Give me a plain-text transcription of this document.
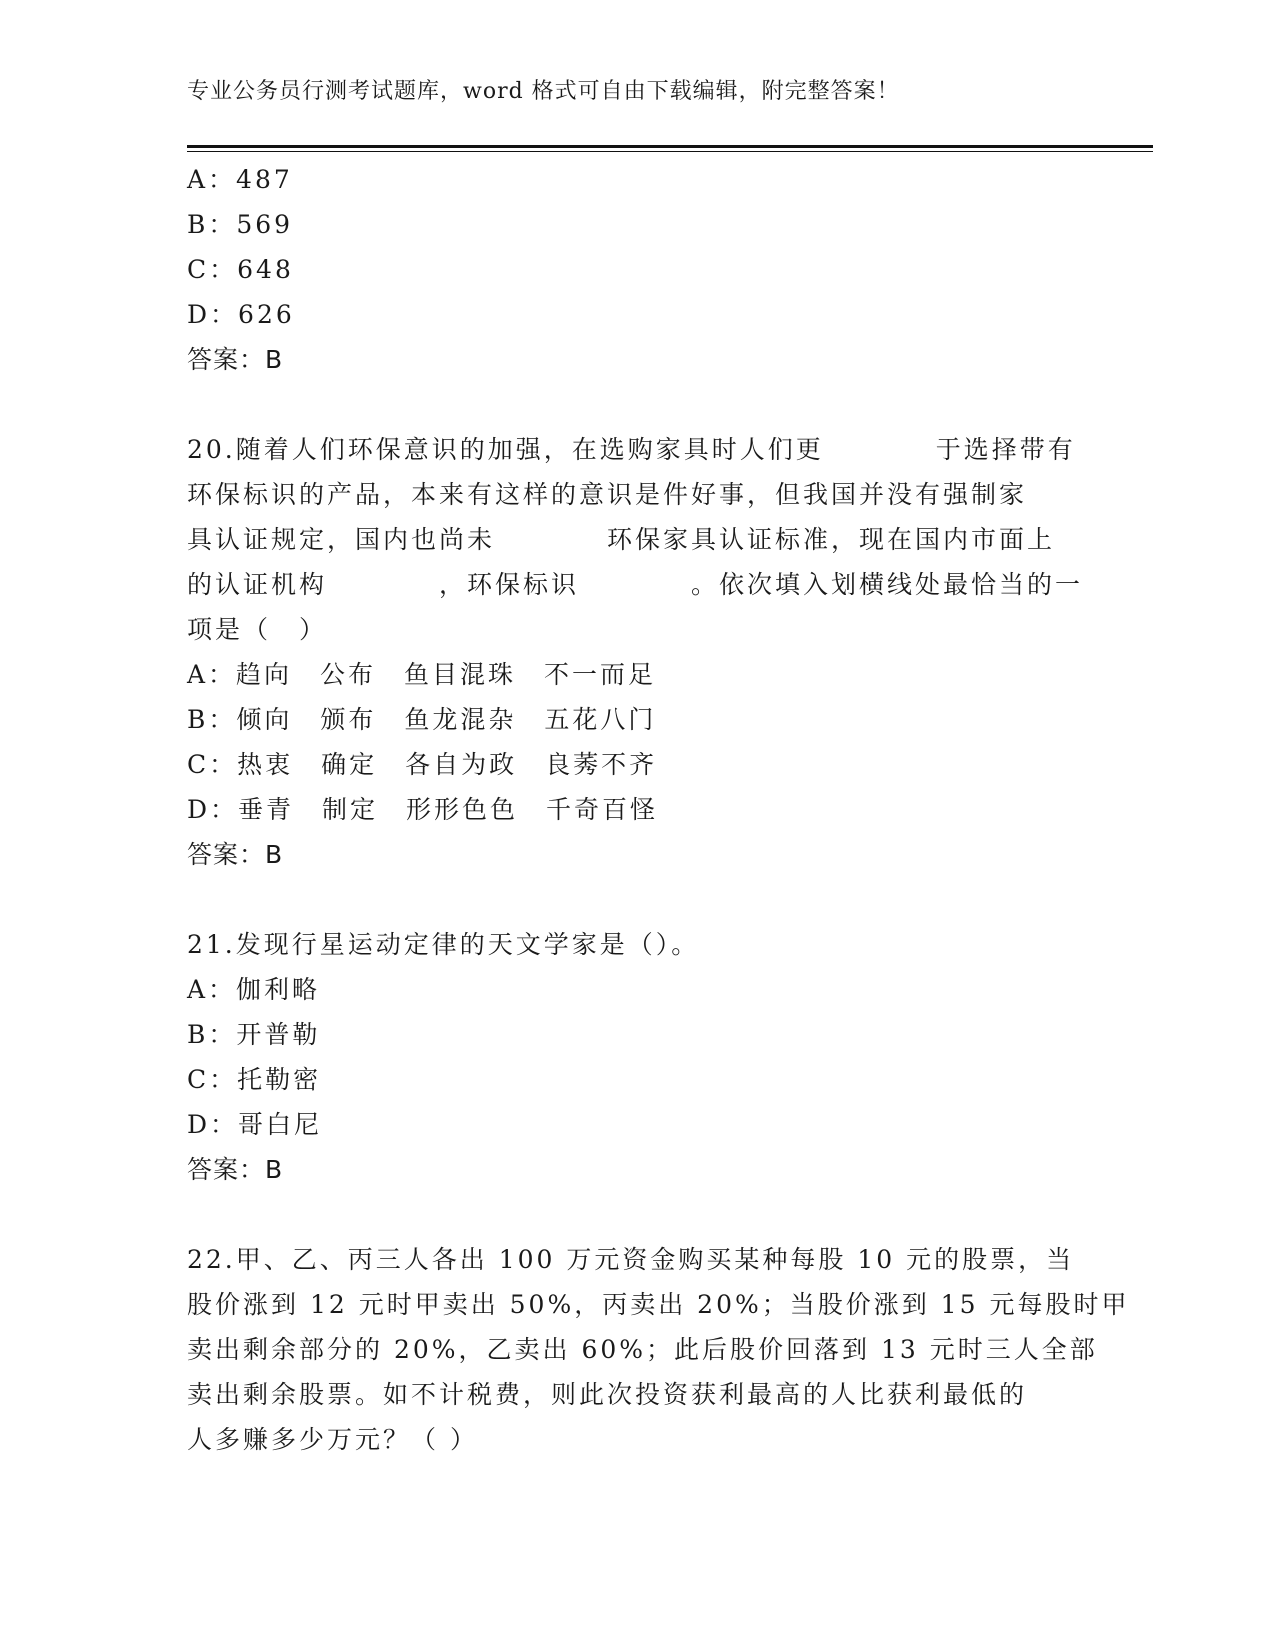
专业公务员行测考试题库，word 格式可自由下载编辑，附完整答案！
A：487
B：569
C：648
D：626
答案：B
20.随着人们环保意识的加强，在选购家具时人们更　　　　于选择带有
环保标识的产品，本来有这样的意识是件好事，但我国并没有强制家
具认证规定，国内也尚未　　　　环保家具认证标准，现在国内市面上
的认证机构　　　　，环保标识　　　　。依次填入划横线处最恰当的一
项是（　）
A：趋向　公布　鱼目混珠　不一而足
B：倾向　颁布　鱼龙混杂　五花八门
C：热衷　确定　各自为政　良莠不齐
D：垂青　制定　形形色色　千奇百怪
答案：B
21.发现行星运动定律的天文学家是（）。
A：伽利略
B：开普勒
C：托勒密
D：哥白尼
答案：B
22.甲、乙、丙三人各出 100 万元资金购买某种每股 10 元的股票，当
股价涨到 12 元时甲卖出 50%，丙卖出 20%；当股价涨到 15 元每股时甲
卖出剩余部分的 20%，乙卖出 60%；此后股价回落到 13 元时三人全部
卖出剩余股票。如不计税费，则此次投资获利最高的人比获利最低的
人多赚多少万元？（ ）
